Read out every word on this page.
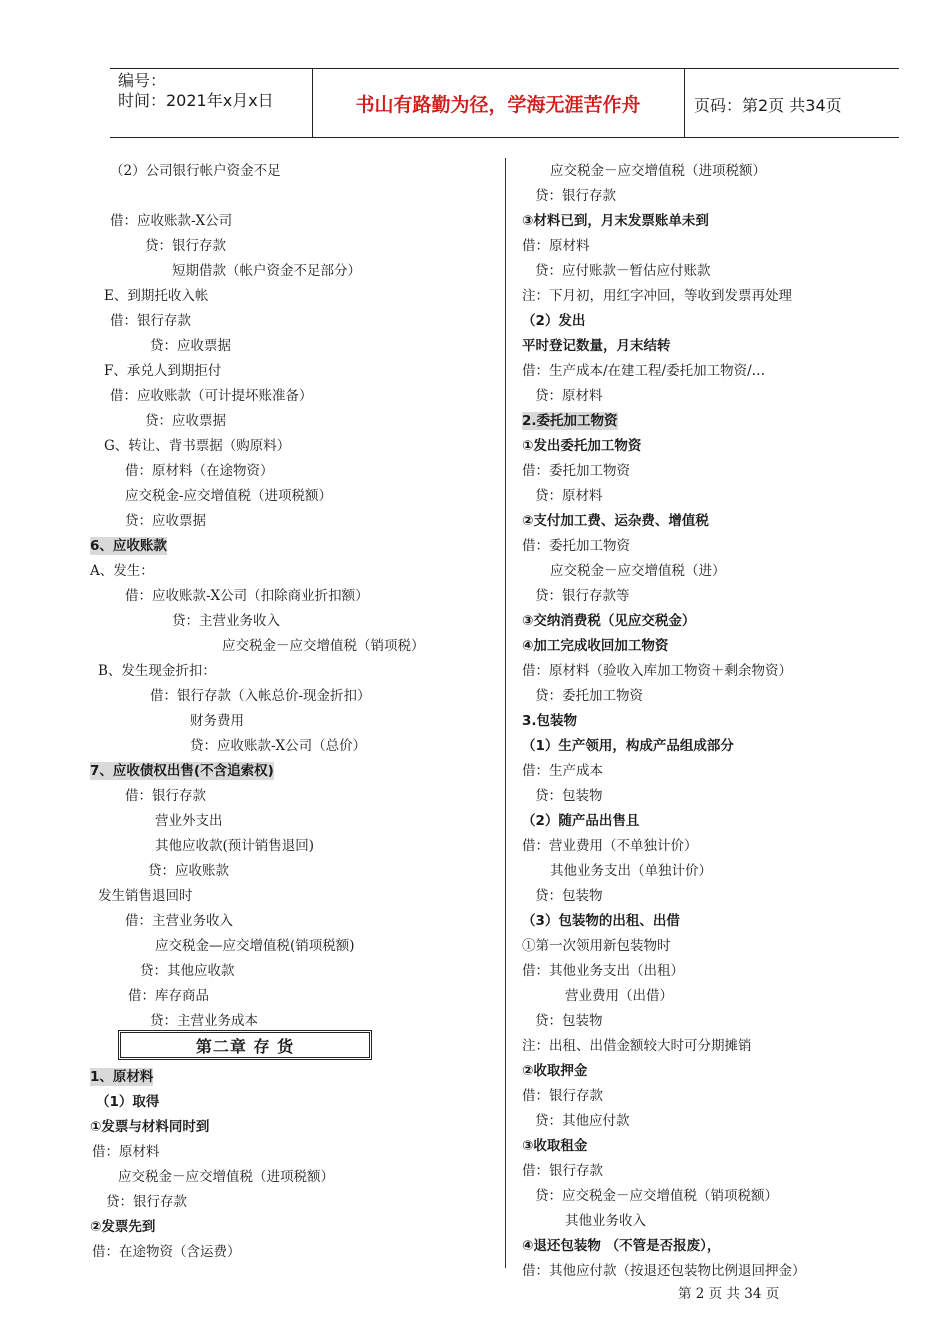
编号：
时间：2021年x月x日	书山有路勤为径，学海无涯苦作舟	页码：第2页 共34页
（2）公司银行帐户资金不足
借：应收账款-X公司
贷：银行存款
短期借款（帐户资金不足部分）
E、到期托收入帐
借：银行存款
贷：应收票据
F、承兑人到期拒付
借：应收账款（可计提坏账准备）
贷：应收票据
G、转让、背书票据（购原料）
借：原材料（在途物资）
应交税金-应交增值税（进项税额）
贷：应收票据
6、应收账款
A、发生：
借：应收账款-X公司（扣除商业折扣额）
贷：主营业务收入
应交税金－应交增值税（销项税）
B、发生现金折扣：
借：银行存款（入帐总价-现金折扣）
财务费用
贷：应收账款-X公司（总价）
7、应收债权出售(不含追索权)
借：银行存款
营业外支出
其他应收款(预计销售退回)
贷：应收账款
发生销售退回时
借：主营业务收入
应交税金—应交增值税(销项税额)
贷：其他应收款
借：库存商品
贷：主营业务成本
1、原材料
（1）取得
①发票与材料同时到
借：原材料
应交税金－应交增值税（进项税额）
贷：银行存款
②发票先到
借：在途物资（含运费）
第二章 存 货
应交税金－应交增值税（进项税额）
贷：银行存款
③材料已到，月末发票账单未到
借：原材料
贷：应付账款－暂估应付账款
注：下月初，用红字冲回，等收到发票再处理
（2）发出
平时登记数量，月末结转
借：生产成本/在建工程/委托加工物资/…
贷：原材料
2.委托加工物资
①发出委托加工物资
借：委托加工物资
贷：原材料
②支付加工费、运杂费、增值税
借：委托加工物资
应交税金－应交增值税（进）
贷：银行存款等
③交纳消费税（见应交税金）
④加工完成收回加工物资
借：原材料（验收入库加工物资＋剩余物资）
贷：委托加工物资
3.包装物
（1）生产领用，构成产品组成部分
借：生产成本
贷：包装物
（2）随产品出售且
借：营业费用（不单独计价）
其他业务支出（单独计价）
贷：包装物
（3）包装物的出租、出借
①第一次领用新包装物时
借：其他业务支出（出租）
营业费用（出借）
贷：包装物
注：出租、出借金额较大时可分期摊销
②收取押金
借：银行存款
贷：其他应付款
③收取租金
借：银行存款
贷：应交税金－应交增值税（销项税额）
其他业务收入
④退还包装物 （不管是否报废），
借：其他应付款（按退还包装物比例退回押金）
第 2 页 共 34 页
